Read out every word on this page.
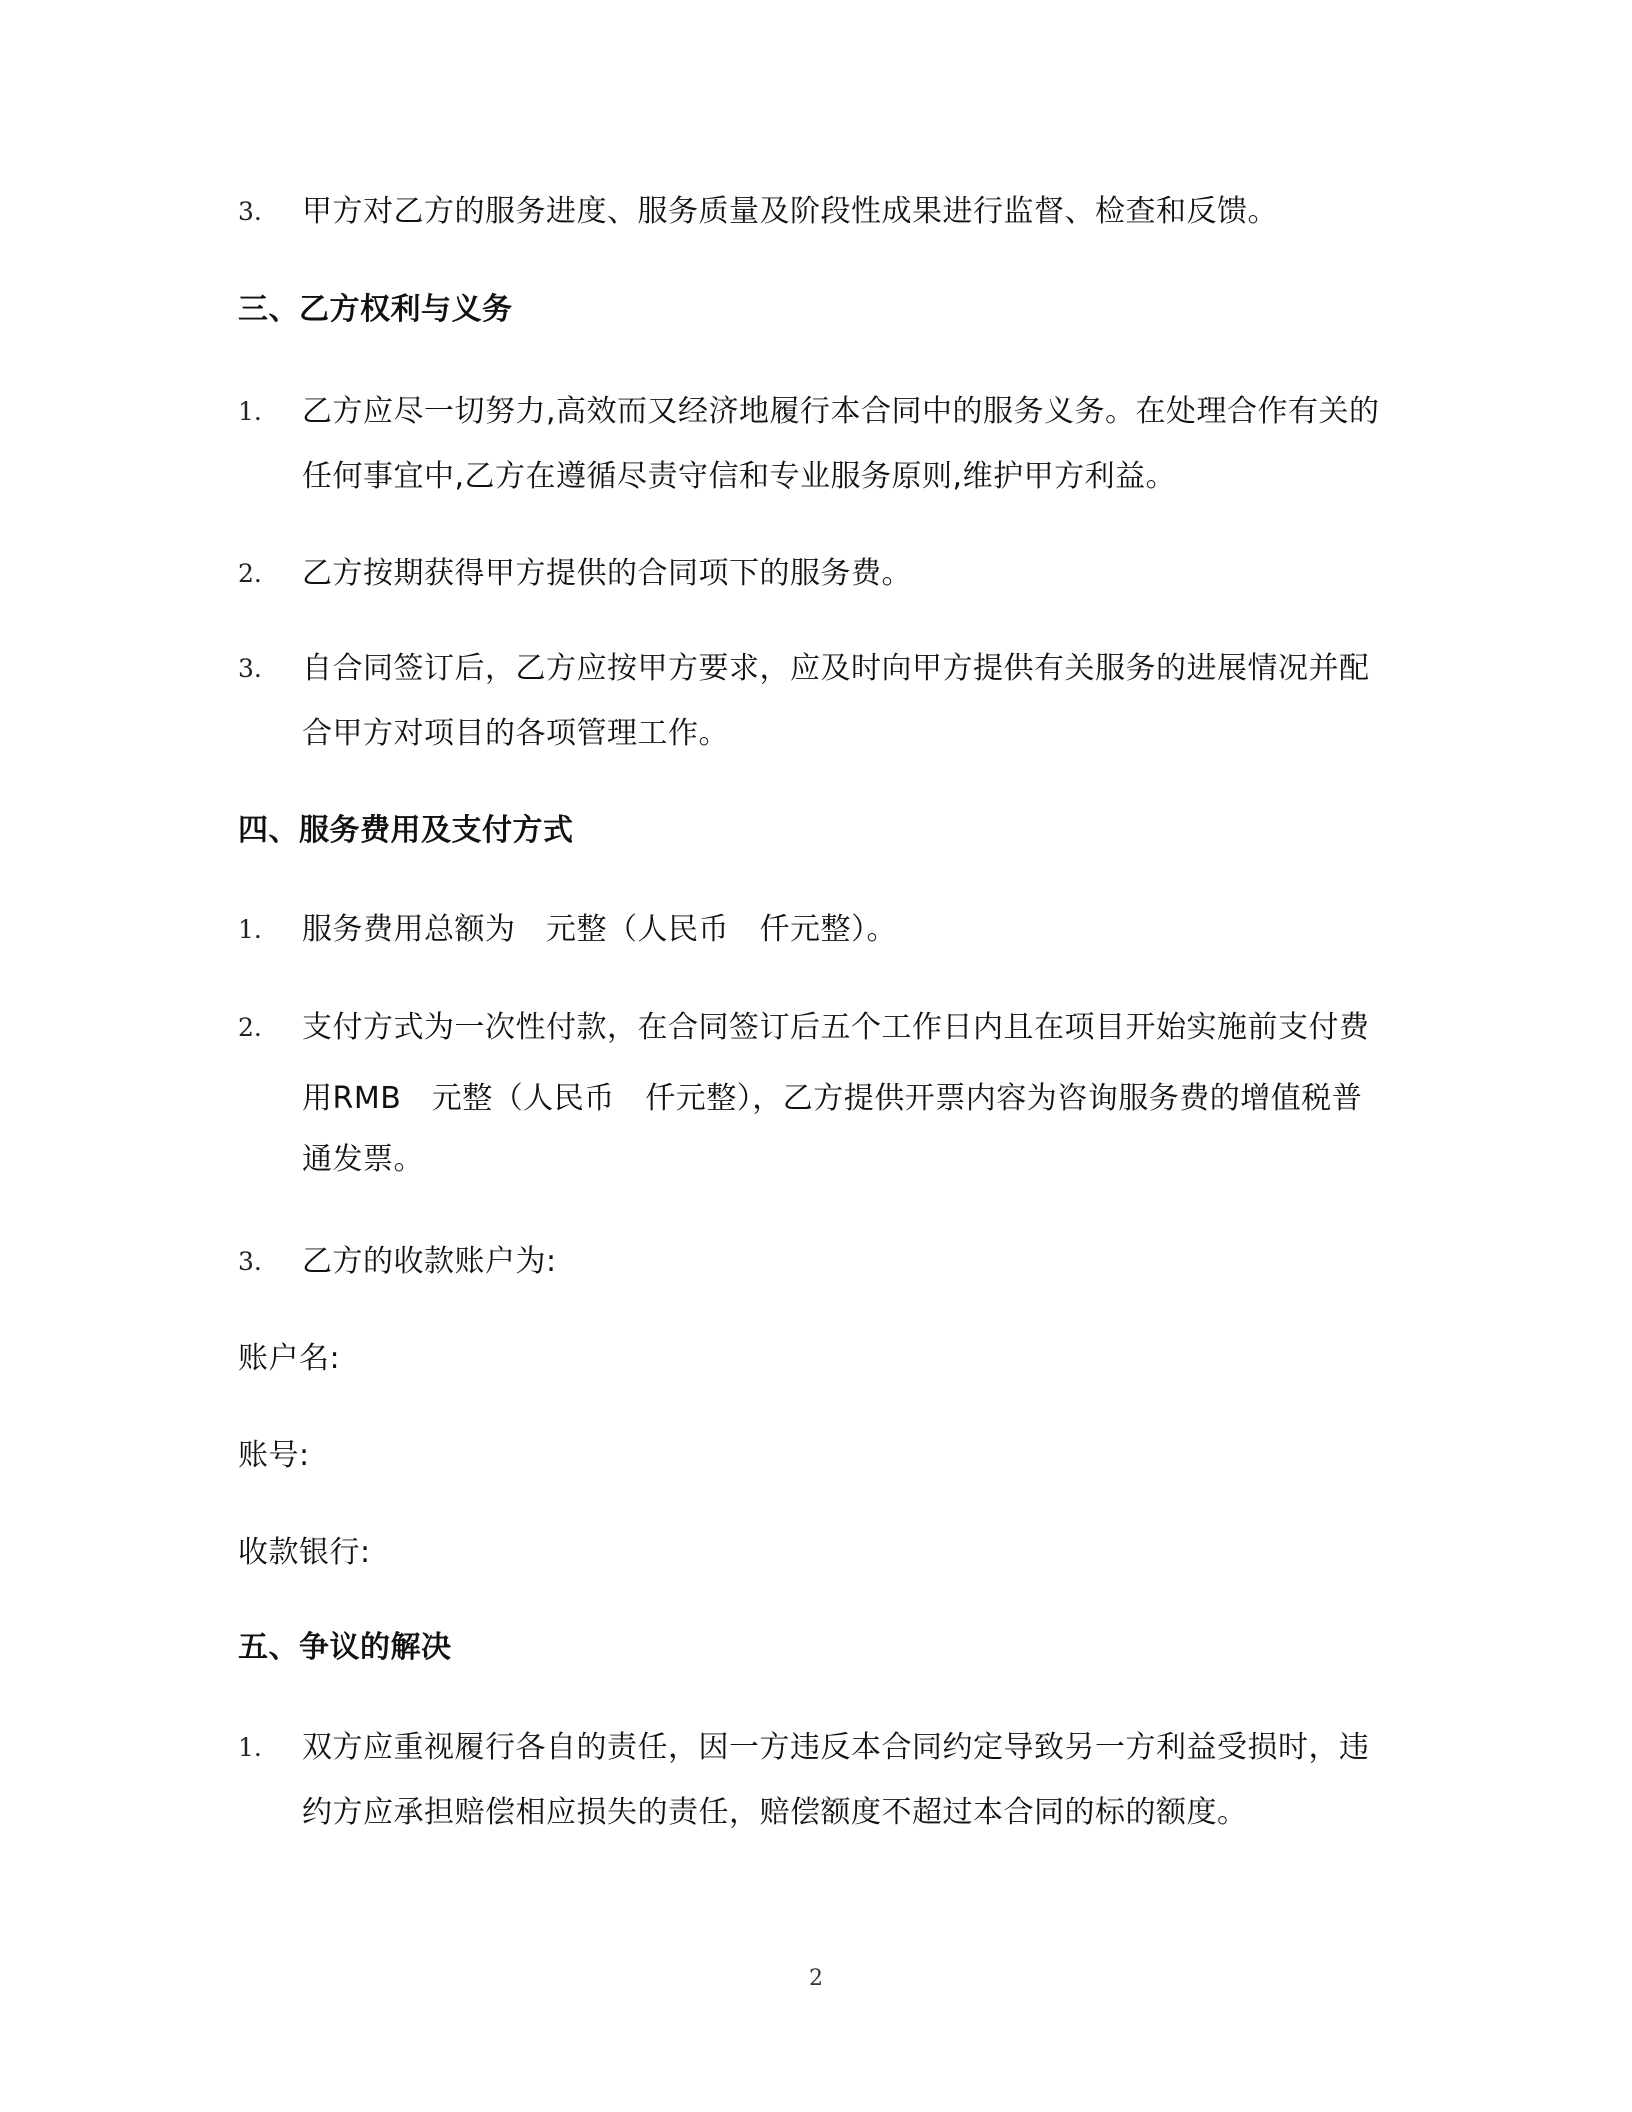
3.	甲方对乙方的服务进度、服务质量及阶段性成果进行监督、检查和反馈。
三、乙方权利与义务
1.	乙方应尽一切努力,高效而又经济地履行本合同中的服务义务。在处理合作有关的
任何事宜中,乙方在遵循尽责守信和专业服务原则,维护甲方利益。
2.	乙方按期获得甲方提供的合同项下的服务费。
3.	自合同签订后，乙方应按甲方要求，应及时向甲方提供有关服务的进展情况并配
合甲方对项目的各项管理工作。
四、服务费用及支付方式
1.	服务费用总额为　元整（人民币　仟元整）。
2.	支付方式为一次性付款，在合同签订后五个工作日内且在项目开始实施前支付费
用RMB　元整（人民币　仟元整），乙方提供开票内容为咨询服务费的增值税普
通发票。
3.	乙方的收款账户为:
账户名:
账号:
收款银行:
五、争议的解决
1.	双方应重视履行各自的责任，因一方违反本合同约定导致另一方利益受损时，违
约方应承担赔偿相应损失的责任，赔偿额度不超过本合同的标的额度。
2
